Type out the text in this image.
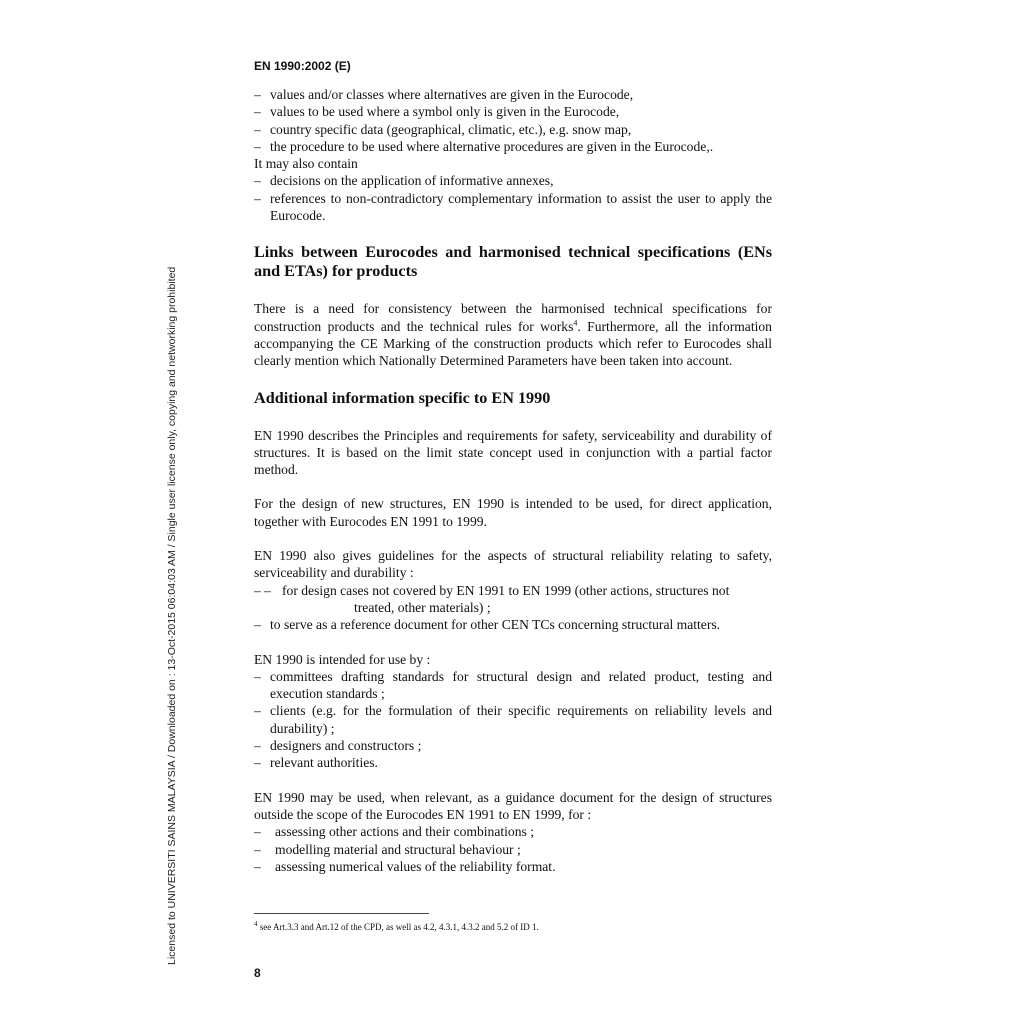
EN 1990:2002 (E)
– values and/or classes where alternatives are given in the Eurocode,
– values to be used where a symbol only is given in the Eurocode,
– country specific data (geographical, climatic, etc.), e.g. snow map,
– the procedure to be used where alternative procedures are given in the Eurocode,.

It may also contain

– decisions on the application of informative annexes,
– references to non-contradictory complementary information to assist the user to apply the Eurocode.
Links between Eurocodes and harmonised technical specifications (ENs and ETAs) for products

There is a need for consistency between the harmonised technical specifications for construction products and the technical rules for works$^4$. Furthermore, all the information accompanying the CE Marking of the construction products which refer to Eurocodes shall clearly mention which Nationally Determined Parameters have been taken into account.

Additional information specific to EN 1990

EN 1990 describes the Principles and requirements for safety, serviceability and durability of structures. It is based on the limit state concept used in conjunction with a partial factor method.

For the design of new structures, EN 1990 is intended to be used, for direct application, together with Eurocodes EN 1991 to 1999.

EN 1990 also gives guidelines for the aspects of structural reliability relating to safety, serviceability and durability :

– – for design cases not covered by EN 1991 to EN 1999 (other actions, structures not

treated, other materials) ;

– to serve as a reference document for other CEN TCs concerning structural matters.

EN 1990 is intended for use by :

– committees drafting standards for structural design and related product, testing and execution standards ;
– clients (e.g. for the formulation of their specific requirements on reliability levels and durability) ;
– designers and constructors ;
– relevant authorities.

EN 1990 may be used, when relevant, as a guidance document for the design of structures outside the scope of the Eurocodes EN 1991 to EN 1999, for :

– assessing other actions and their combinations ;
– modelling material and structural behaviour ;
– assessing numerical values of the reliability format.
$^4$ see Art.3.3 and Art.12 of the CPD, as well as 4.2, 4.3.1, 4.3.2 and 5.2 of ID 1.
8
Licensed to UNIVERSITI SAINS MALAYSIA / Downloaded on : 13-Oct-2015 06:04:03 AM / Single user license only, copying and networking prohibited
